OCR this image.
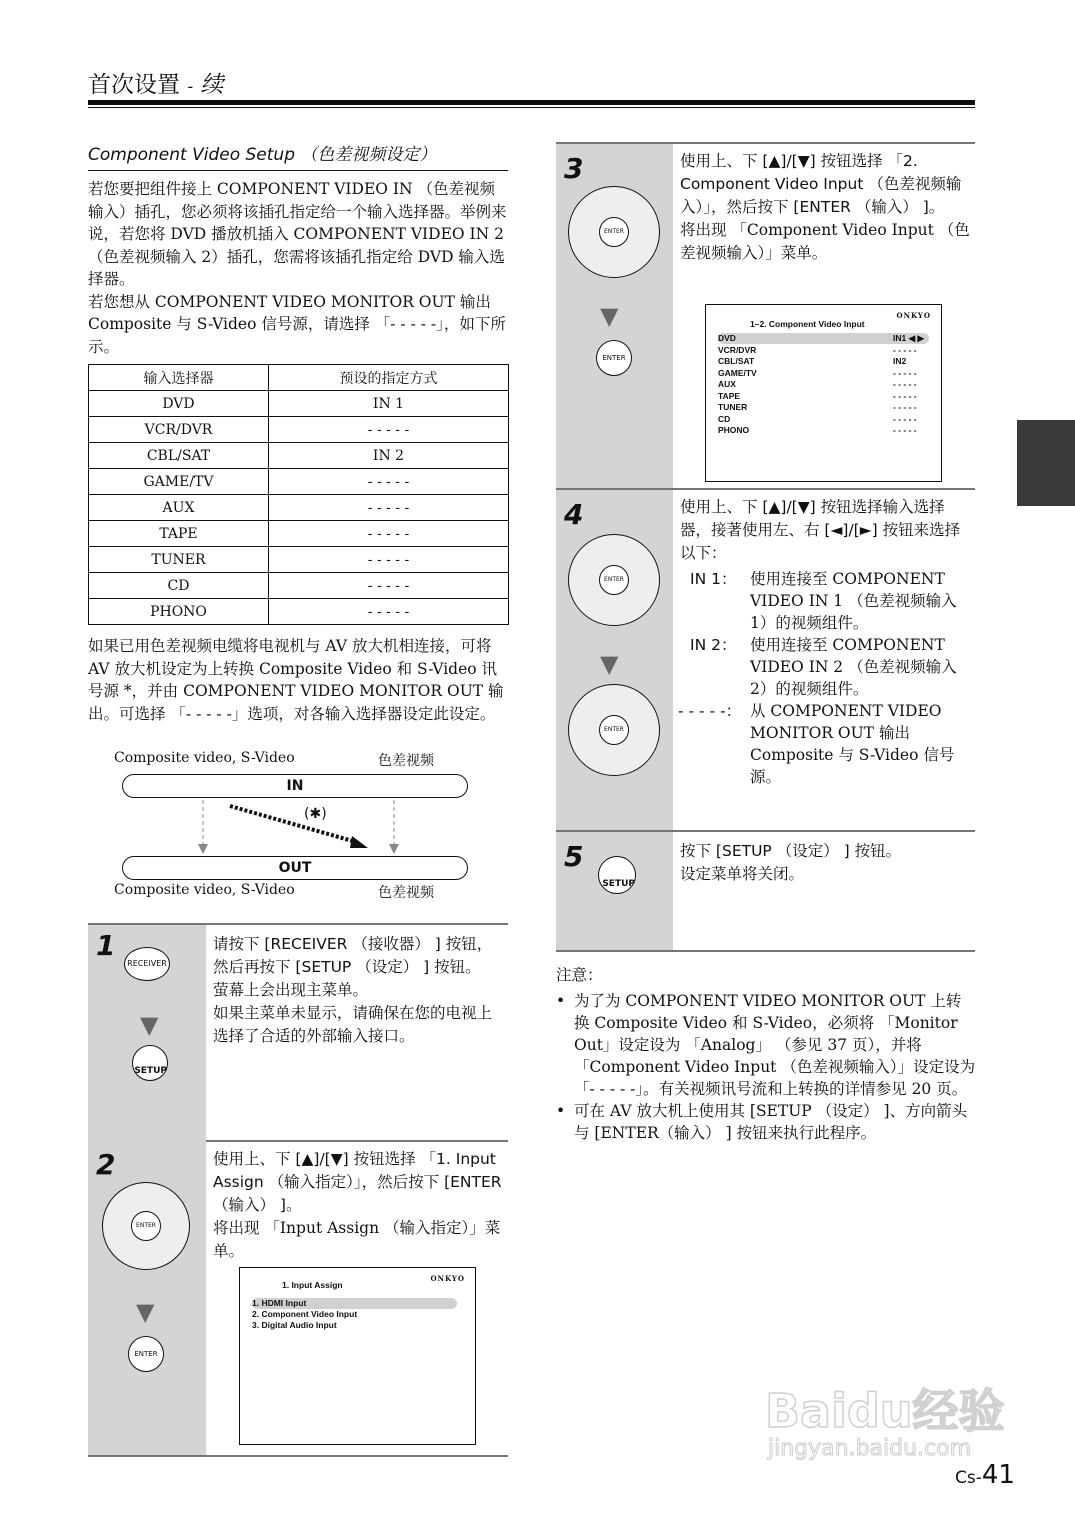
首次设置 - 续
Component Video Setup （色差视频设定）
若您要把组件接上 COMPONENT VIDEO IN （色差视频输入）插孔，您必须将该插孔指定给一个输入选择器。举例来说，若您将 DVD 播放机插入 COMPONENT VIDEO IN 2 （色差视频输入 2）插孔，您需将该插孔指定给 DVD 输入选择器。
若您想从 COMPONENT VIDEO MONITOR OUT 输出 Composite 与 S-Video 信号源，请选择 「- - - - -」，如下所示。
输入选择器	预设的指定方式
DVD	IN 1
VCR/DVR	- - - - -
CBL/SAT	IN 2
GAME/TV	- - - - -
AUX	- - - - -
TAPE	- - - - -
TUNER	- - - - -
CD	- - - - -
PHONO	- - - - -
如果已用色差视频电缆将电视机与 AV 放大机相连接，可将 AV 放大机设定为上转换 Composite Video 和 S-Video 讯号源 *，并由 COMPONENT VIDEO MONITOR OUT 输出。可选择 「- - - - -」选项，对各输入选择器设定此设定。
Composite video, S-Video	色差视频
IN
(✱)
OUT
Composite video, S-Video	色差视频
1
RECEIVER
▼
SETUP
请按下 [RECEIVER （接收器） ] 按钮，然后再按下 [SETUP （设定） ] 按钮。
萤幕上会出现主菜单。
如果主菜单未显示，请确保在您的电视上选择了合适的外部输入接口。
2
ENTER
▼
ENTER
使用上、下 [▲]/[▼] 按钮选择 「1. Input Assign （输入指定）」，然后按下 [ENTER （输入） ]。
将出现 「Input Assign （输入指定）」菜单。
1. Input Assign
ONKYO
1. HDMI Input
2. Component Video Input
3. Digital Audio Input
3
ENTER
▼
ENTER
使用上、下 [▲]/[▼] 按钮选择 「2. Component Video Input （色差视频输入）」，然后按下 [ENTER （输入） ]。
将出现 「Component Video Input （色差视频输入）」菜单。
1–2. Component Video Input
ONKYO
DVD	IN1 ◀ ▶
VCR/DVR	- - - - -
CBL/SAT	IN2
GAME/TV	- - - - -
AUX	- - - - -
TAPE	- - - - -
TUNER	- - - - -
CD	- - - - -
PHONO	- - - - -
4
ENTER
▼
ENTER
使用上、下 [▲]/[▼] 按钮选择输入选择器，接著使用左、右 [◄]/[►] 按钮来选择以下：
IN 1： 使用连接至 COMPONENT VIDEO IN 1 （色差视频输入 1）的视频组件。
IN 2： 使用连接至 COMPONENT VIDEO IN 2 （色差视频输入 2）的视频组件。
- - - - -： 从 COMPONENT VIDEO MONITOR OUT 输出 Composite 与 S-Video 信号源。
5
SETUP
按下 [SETUP （设定） ] 按钮。
设定菜单将关闭。
注意：
• 为了为 COMPONENT VIDEO MONITOR OUT 上转换 Composite Video 和 S-Video，必须将 「Monitor Out」设定设为 「Analog」 （参见 37 页），并将 「Component Video Input （色差视频输入）」设定设为 「- - - - -」。有关视频讯号流和上转换的详情参见 20 页。
• 可在 AV 放大机上使用其 [SETUP （设定） ]、方向箭头与 [ENTER（输入） ] 按钮来执行此程序。
Baidu经验
jingyan.baidu.com
Cs-41
